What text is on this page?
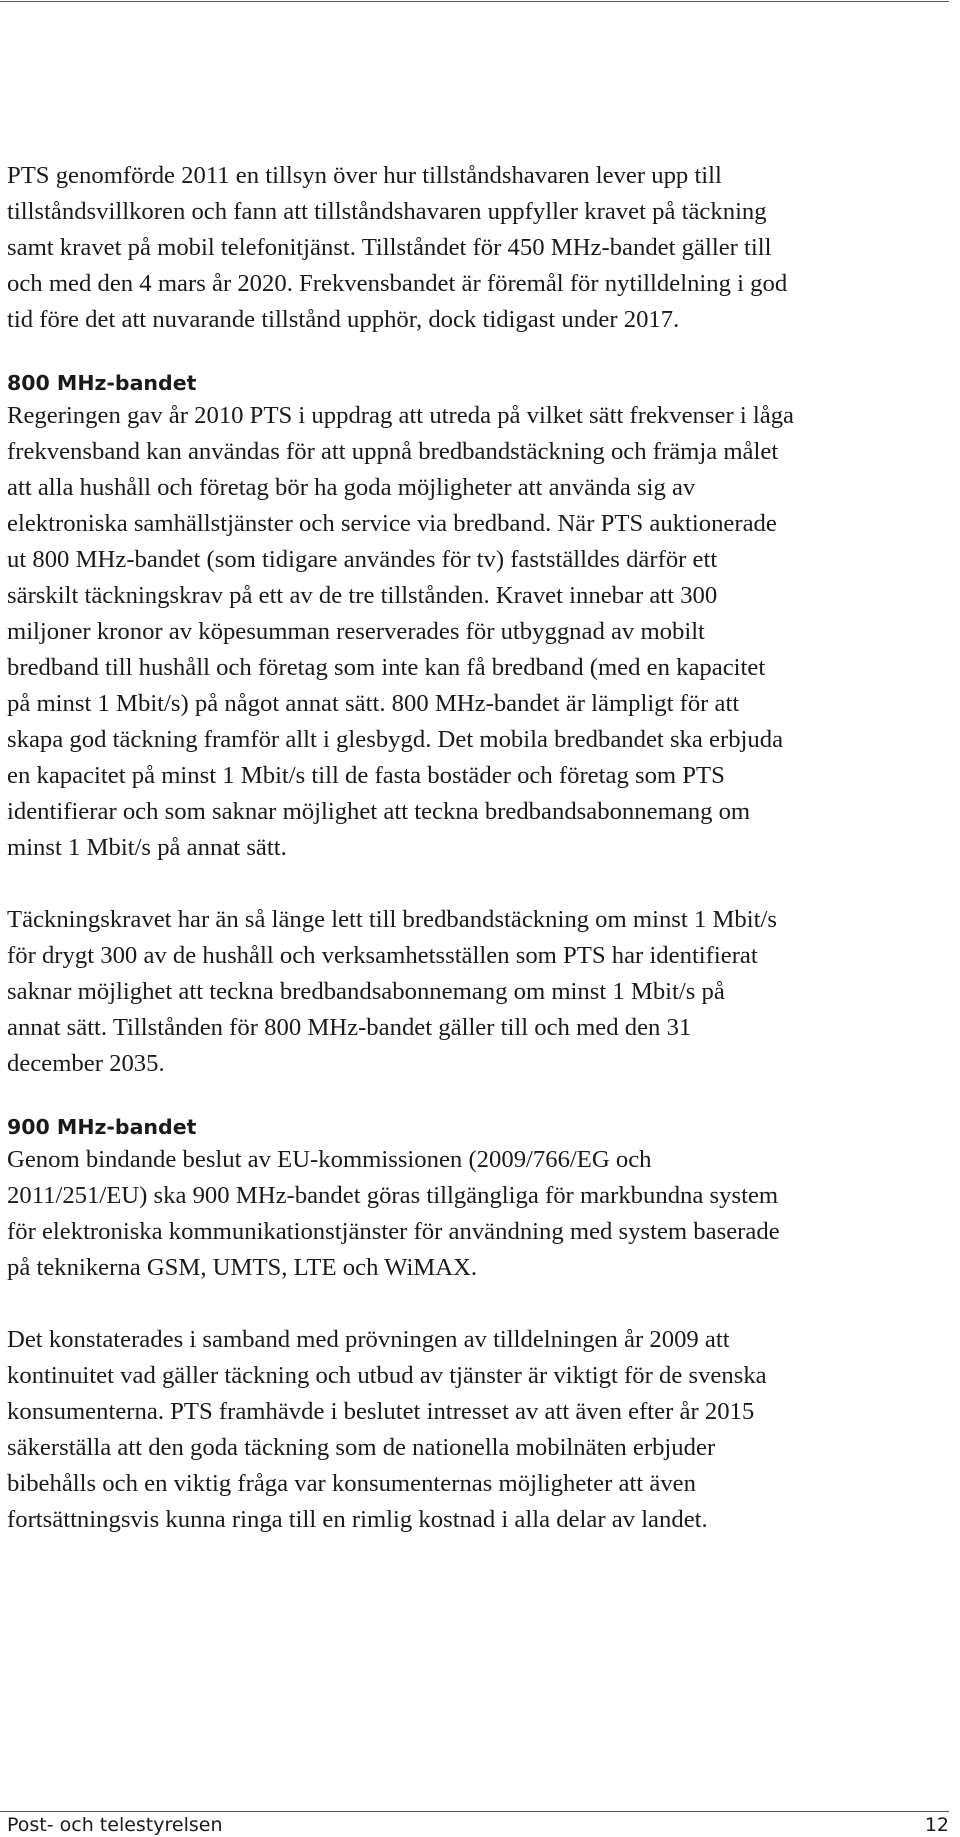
PTS genomförde 2011 en tillsyn över hur tillståndshavaren lever upp till
tillståndsvillkoren och fann att tillståndshavaren uppfyller kravet på täckning
samt kravet på mobil telefonitjänst. Tillståndet för 450 MHz-bandet gäller till
och med den 4 mars år 2020. Frekvensbandet är föremål för nytilldelning i god
tid före det att nuvarande tillstånd upphör, dock tidigast under 2017.

800 MHz-bandet

Regeringen gav år 2010 PTS i uppdrag att utreda på vilket sätt frekvenser i låga
frekvensband kan användas för att uppnå bredbandstäckning och främja målet
att alla hushåll och företag bör ha goda möjligheter att använda sig av
elektroniska samhällstjänster och service via bredband. När PTS auktionerade
ut 800 MHz-bandet (som tidigare användes för tv) fastställdes därför ett
särskilt täckningskrav på ett av de tre tillstånden. Kravet innebar att 300
miljoner kronor av köpesumman reserverades för utbyggnad av mobilt
bredband till hushåll och företag som inte kan få bredband (med en kapacitet
på minst 1 Mbit/s) på något annat sätt. 800 MHz-bandet är lämpligt för att
skapa god täckning framför allt i glesbygd. Det mobila bredbandet ska erbjuda
en kapacitet på minst 1 Mbit/s till de fasta bostäder och företag som PTS
identifierar och som saknar möjlighet att teckna bredbandsabonnemang om
minst 1 Mbit/s på annat sätt.

Täckningskravet har än så länge lett till bredbandstäckning om minst 1 Mbit/s
för drygt 300 av de hushåll och verksamhetsställen som PTS har identifierat
saknar möjlighet att teckna bredbandsabonnemang om minst 1 Mbit/s på
annat sätt. Tillstånden för 800 MHz-bandet gäller till och med den 31
december 2035.

900 MHz-bandet

Genom bindande beslut av EU-kommissionen (2009/766/EG och
2011/251/EU) ska 900 MHz-bandet göras tillgängliga för markbundna system
för elektroniska kommunikationstjänster för användning med system baserade
på teknikerna GSM, UMTS, LTE och WiMAX.

Det konstaterades i samband med prövningen av tilldelningen år 2009 att
kontinuitet vad gäller täckning och utbud av tjänster är viktigt för de svenska
konsumenterna. PTS framhävde i beslutet intresset av att även efter år 2015
säkerställa att den goda täckning som de nationella mobilnäten erbjuder
bibehålls och en viktig fråga var konsumenternas möjligheter att även
fortsättningsvis kunna ringa till en rimlig kostnad i alla delar av landet.

Post- och telestyrelsen	12
